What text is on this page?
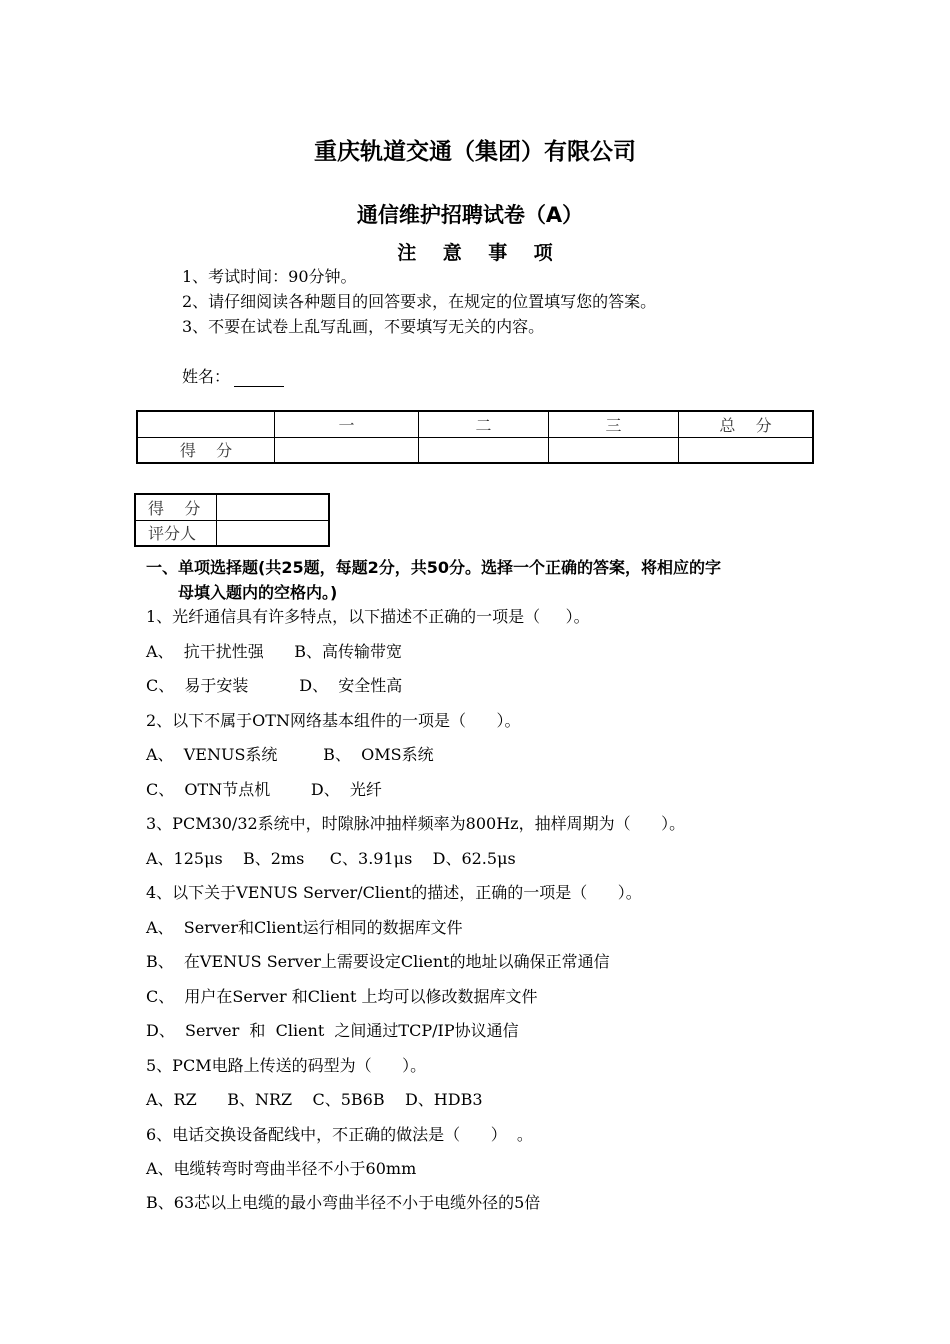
重庆轨道交通（集团）有限公司
通信维护招聘试卷（A）
注    意    事    项
1、考试时间：90分钟。
2、请仔细阅读各种题目的回答要求，在规定的位置填写您的答案。
3、不要在试卷上乱写乱画，不要填写无关的内容。
姓名：
	一	二	三	总    分
得    分				
得    分	
评分人	
一、单项选择题(共25题，每题2分，共50分。选择一个正确的答案，将相应的字
母填入题内的空格内。)
1、光纤通信具有许多特点，以下描述不正确的一项是（     ）。
A、  抗干扰性强      B、高传输带宽
C、  易于安装          D、  安全性高
2、以下不属于OTN网络基本组件的一项是（      ）。
A、  VENUS系统         B、  OMS系统
C、  OTN节点机        D、  光纤
3、PCM30/32系统中，时隙脉冲抽样频率为800Hz，抽样周期为（      ）。
A、125μs    B、2ms     C、3.91μs    D、62.5μs
4、以下关于VENUS Server/Client的描述，正确的一项是（      ）。
A、  Server和Client运行相同的数据库文件
B、  在VENUS Server上需要设定Client的地址以确保正常通信
C、  用户在Server 和Client 上均可以修改数据库文件
D、  Server  和  Client  之间通过TCP/IP协议通信
5、PCM电路上传送的码型为（      ）。
A、RZ      B、NRZ    C、5B6B    D、HDB3
6、电话交换设备配线中，不正确的做法是（      ）  。
A、电缆转弯时弯曲半径不小于60mm
B、63芯以上电缆的最小弯曲半径不小于电缆外径的5倍
